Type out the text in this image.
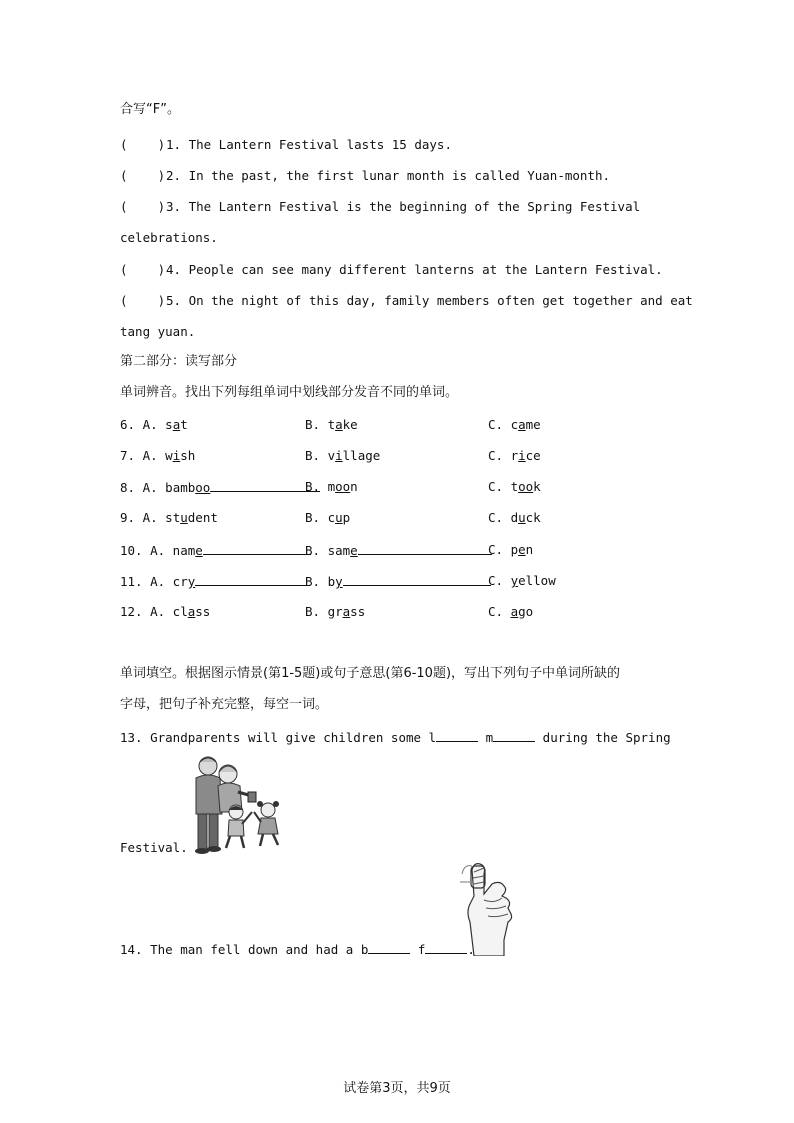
合写“F”。
(    )1. The Lantern Festival lasts 15 days.
(    )2. In the past, the first lunar month is called Yuan-month.
(    )3. The Lantern Festival is the beginning of the Spring Festival
celebrations.
(    )4. People can see many different lanterns at the Lantern Festival.
(    )5. On the night of this day, family members often get together and eat
tang yuan.
第二部分：读写部分
单词辨音。找出下列每组单词中划线部分发音不同的单词。
6. A. sat	B. take	C. came
7. A. wish	B. village	C. rice
8. A. bamboo	B. moon	C. took
9. A. student	B. cup	C. duck
10. A. name	B. same	C. pen
11. A. cry	B. by	C. yellow
12. A. class	B. grass	C. ago
单词填空。根据图示情景(第1-5题)或句子意思(第6-10题)，写出下列句子中单词所缺的
字母，把句子补充完整，每空一词。
13. Grandparents will give children some l	m	during the Spring
Festival.
14. The man fell down and had a b	f	.
试卷第3页，共9页
